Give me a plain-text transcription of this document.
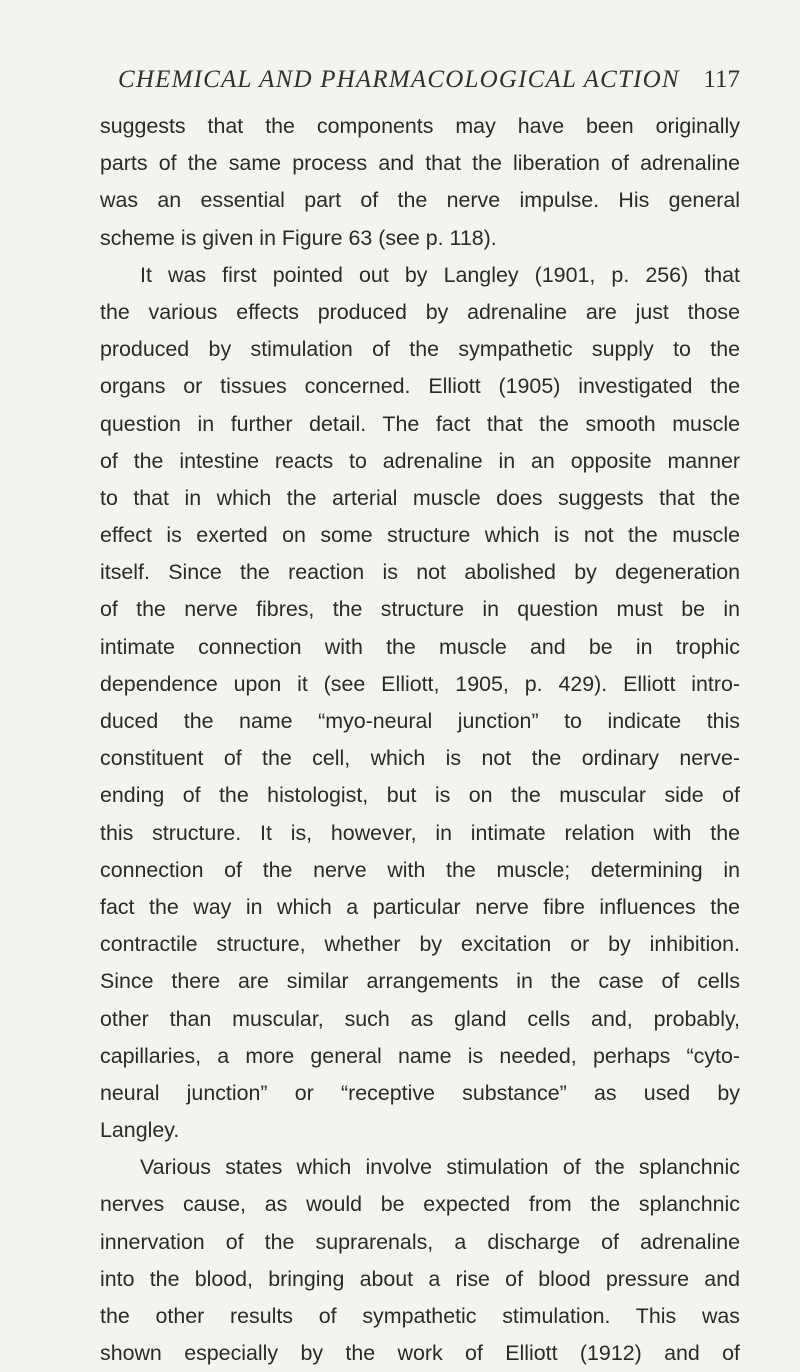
CHEMICAL AND PHARMACOLOGICAL ACTION 117
suggests that the components may have been originally
parts of the same process and that the liberation of adrenaline
was an essential part of the nerve impulse. His general
scheme is given in Figure 63 (see p. 118).
It was first pointed out by Langley (1901, p. 256) that
the various effects produced by adrenaline are just those
produced by stimulation of the sympathetic supply to the
organs or tissues concerned. Elliott (1905) investigated the
question in further detail. The fact that the smooth muscle
of the intestine reacts to adrenaline in an opposite manner
to that in which the arterial muscle does suggests that the
effect is exerted on some structure which is not the muscle
itself. Since the reaction is not abolished by degeneration
of the nerve fibres, the structure in question must be in
intimate connection with the muscle and be in trophic
dependence upon it (see Elliott, 1905, p. 429). Elliott intro-
duced the name “myo-neural junction” to indicate this
constituent of the cell, which is not the ordinary nerve-
ending of the histologist, but is on the muscular side of
this structure. It is, however, in intimate relation with the
connection of the nerve with the muscle; determining in
fact the way in which a particular nerve fibre influences the
contractile structure, whether by excitation or by inhibition.
Since there are similar arrangements in the case of cells
other than muscular, such as gland cells and, probably,
capillaries, a more general name is needed, perhaps “cyto-
neural junction” or “receptive substance” as used by
Langley.
Various states which involve stimulation of the splanchnic
nerves cause, as would be expected from the splanchnic
innervation of the suprarenals, a discharge of adrenaline
into the blood, bringing about a rise of blood pressure and
the other results of sympathetic stimulation. This was
shown especially by the work of Elliott (1912) and of
